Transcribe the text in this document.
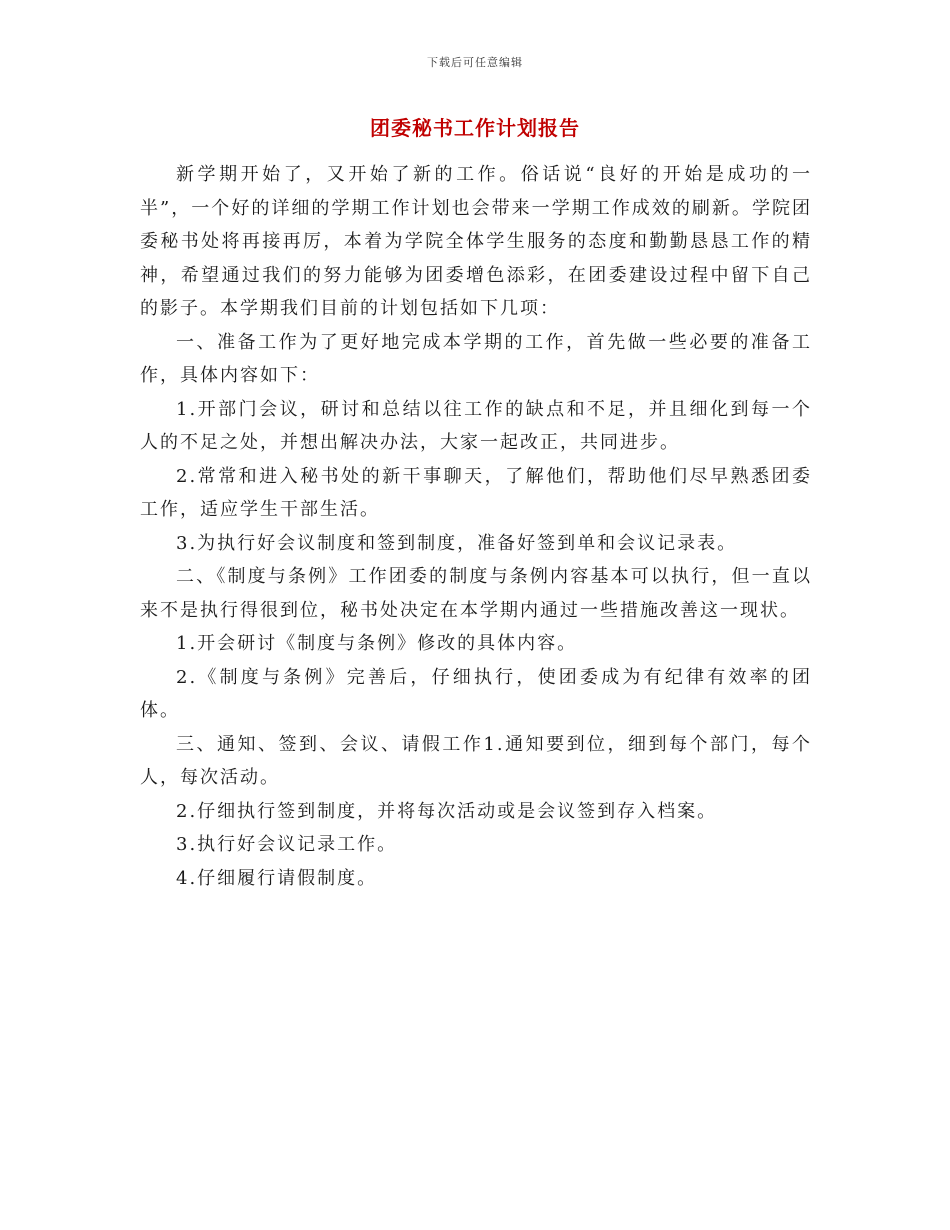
下载后可任意编辑
团委秘书工作计划报告

新学期开始了，又开始了新的工作。俗话说“良好的开始是成功的一半”，一个好的详细的学期工作计划也会带来一学期工作成效的刷新。学院团委秘书处将再接再厉，本着为学院全体学生服务的态度和勤勤恳恳工作的精神，希望通过我们的努力能够为团委增色添彩，在团委建设过程中留下自己的影子。本学期我们目前的计划包括如下几项：

一、准备工作为了更好地完成本学期的工作，首先做一些必要的准备工作，具体内容如下：

1.开部门会议，研讨和总结以往工作的缺点和不足，并且细化到每一个人的不足之处，并想出解决办法，大家一起改正，共同进步。

2.常常和进入秘书处的新干事聊天，了解他们，帮助他们尽早熟悉团委工作，适应学生干部生活。

3.为执行好会议制度和签到制度，准备好签到单和会议记录表。

二、《制度与条例》工作团委的制度与条例内容基本可以执行，但一直以来不是执行得很到位，秘书处决定在本学期内通过一些措施改善这一现状。

1.开会研讨《制度与条例》修改的具体内容。

2.《制度与条例》完善后，仔细执行，使团委成为有纪律有效率的团体。

三、通知、签到、会议、请假工作1.通知要到位，细到每个部门，每个人，每次活动。

2.仔细执行签到制度，并将每次活动或是会议签到存入档案。

3.执行好会议记录工作。

4.仔细履行请假制度。
